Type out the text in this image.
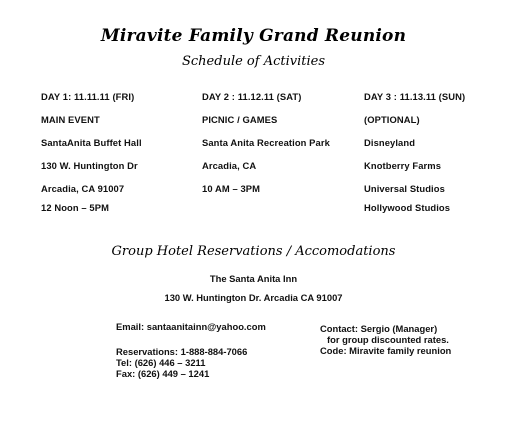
Miravite Family Grand Reunion
Schedule of Activities
DAY 1: 11.11.11 (FRI)
MAIN EVENT
SantaAnita Buffet Hall
130 W. Huntington Dr
Arcadia, CA 91007
12 Noon – 5PM
DAY 2 : 11.12.11 (SAT)
PICNIC / GAMES
Santa Anita Recreation Park
Arcadia, CA
10 AM – 3PM
DAY 3 : 11.13.11 (SUN)
(OPTIONAL)
Disneyland
Knotberry Farms
Universal Studios
Hollywood Studios
Group Hotel Reservations / Accomodations
The Santa Anita Inn
130 W. Huntington Dr. Arcadia CA 91007
Email: santaanitainn@yahoo.com
Reservations: 1-888-884-7066
Tel: (626) 446 – 3211
Fax: (626) 449 – 1241
Contact: Sergio (Manager)
for group discounted rates.
Code: Miravite family reunion
